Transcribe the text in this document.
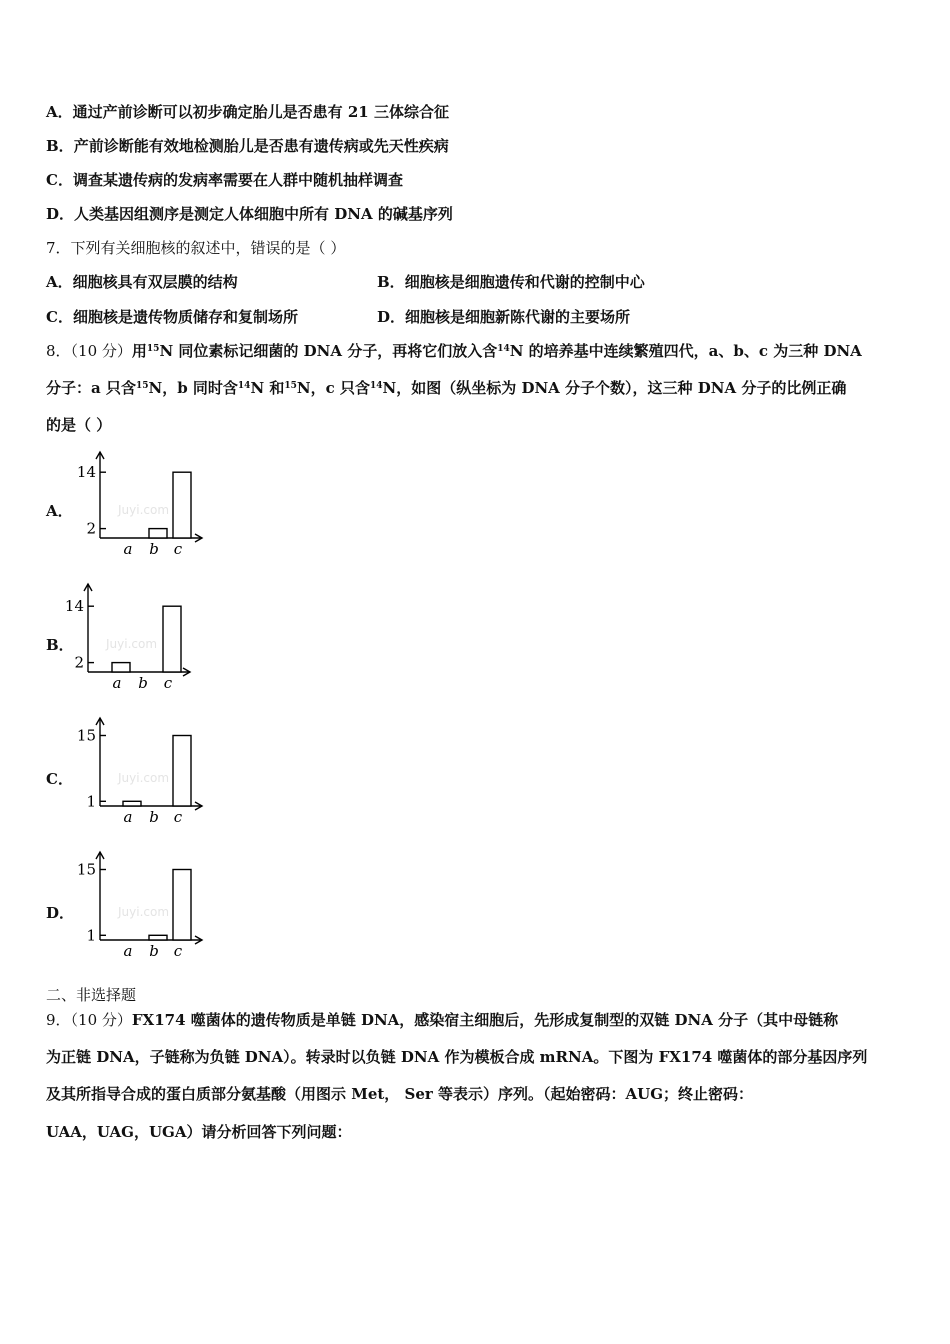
A．通过产前诊断可以初步确定胎儿是否患有 21 三体综合征
B．产前诊断能有效地检测胎儿是否患有遗传病或先天性疾病
C．调查某遗传病的发病率需要在人群中随机抽样调查
D．人类基因组测序是测定人体细胞中所有 DNA 的碱基序列
7．下列有关细胞核的叙述中，错误的是（ ）
A．细胞核具有双层膜的结构	B．细胞核是细胞遗传和代谢的控制中心
C．细胞核是遗传物质储存和复制场所	D．细胞核是细胞新陈代谢的主要场所
8．（10 分）用$^{15}$N 同位素标记细菌的 DNA 分子，再将它们放入含$^{14}$N 的培养基中连续繁殖四代，a、b、c 为三种 DNA
分子：a 只含$^{15}$N，b 同时含$^{14}$N 和$^{15}$N，c 只含$^{14}$N，如图（纵坐标为 DNA 分子个数），这三种 DNA 分子的比例正确
的是（ ）
A．
B．
C．
D．
Juyi.com
14
2
a b c
Juyi.com
14
2
a b c
Juyi.com
15
1
a b c
Juyi.com
15
1
a b c
二、非选择题
9．（10 分）FX174 噬菌体的遗传物质是单链 DNA，感染宿主细胞后，先形成复制型的双链 DNA 分子（其中母链称
为正链 DNA，子链称为负链 DNA）。转录时以负链 DNA 作为模板合成 mRNA。下图为 FX174 噬菌体的部分基因序列
及其所指导合成的蛋白质部分氨基酸（用图示 Met， Ser 等表示）序列。（起始密码：AUG；终止密码：
UAA，UAG，UGA）请分析回答下列问题：
